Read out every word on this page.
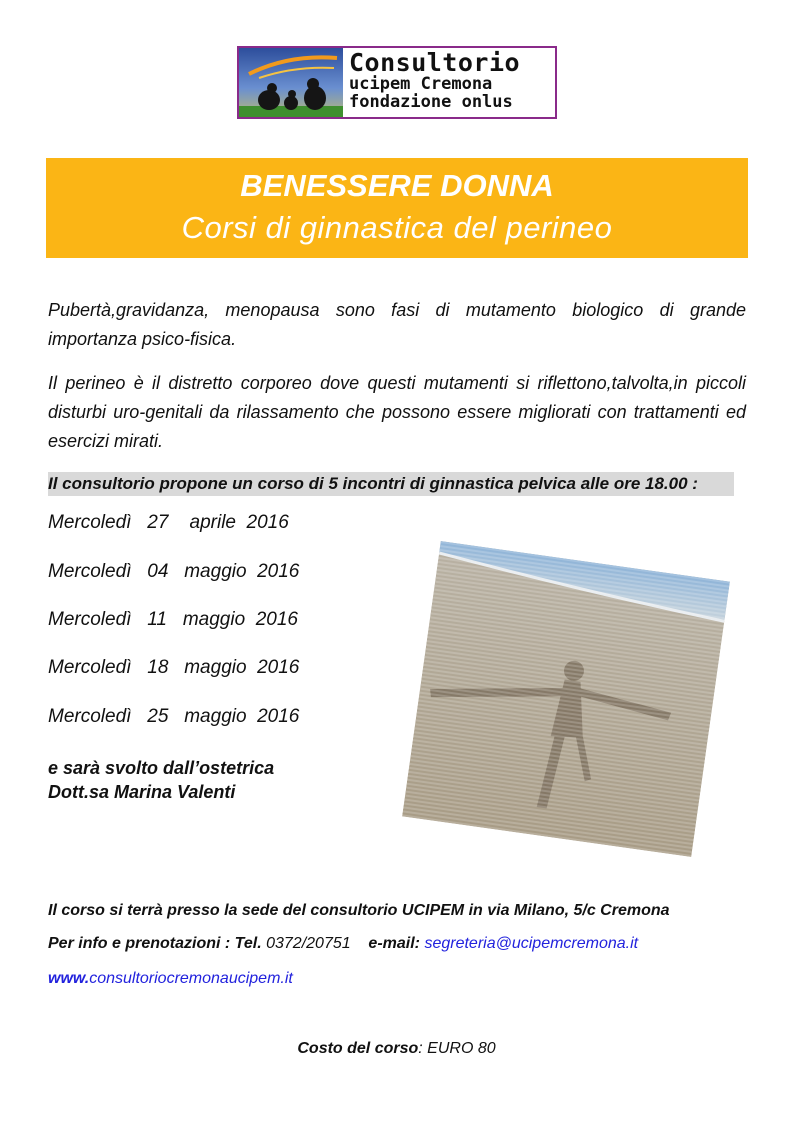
Consultorio
ucipem Cremona
fondazione onlus
BENESSERE DONNA
Corsi di ginnastica del perineo
Pubertà,gravidanza, menopausa sono fasi di mutamento biologico di grande importanza psico-fisica.
Il perineo è il distretto corporeo dove questi mutamenti si riflettono,talvolta,in piccoli disturbi uro-genitali da rilassamento che possono essere migliorati con trattamenti ed esercizi mirati.
Il consultorio propone un corso di 5 incontri di ginnastica pelvica alle ore 18.00 :
Mercoledì   27    aprile  2016
Mercoledì   04   maggio  2016
Mercoledì   11   maggio  2016
Mercoledì   18   maggio  2016
Mercoledì   25   maggio  2016
e sarà svolto dall’ostetrica
Dott.sa Marina Valenti
Il corso si terrà presso la sede del consultorio UCIPEM in via Milano, 5/c Cremona
Per info e prenotazioni : Tel. 0372/20751 e-mail: segreteria@ucipemcremona.it
www.consultoriocremonaucipem.it
Costo del corso: EURO 80
